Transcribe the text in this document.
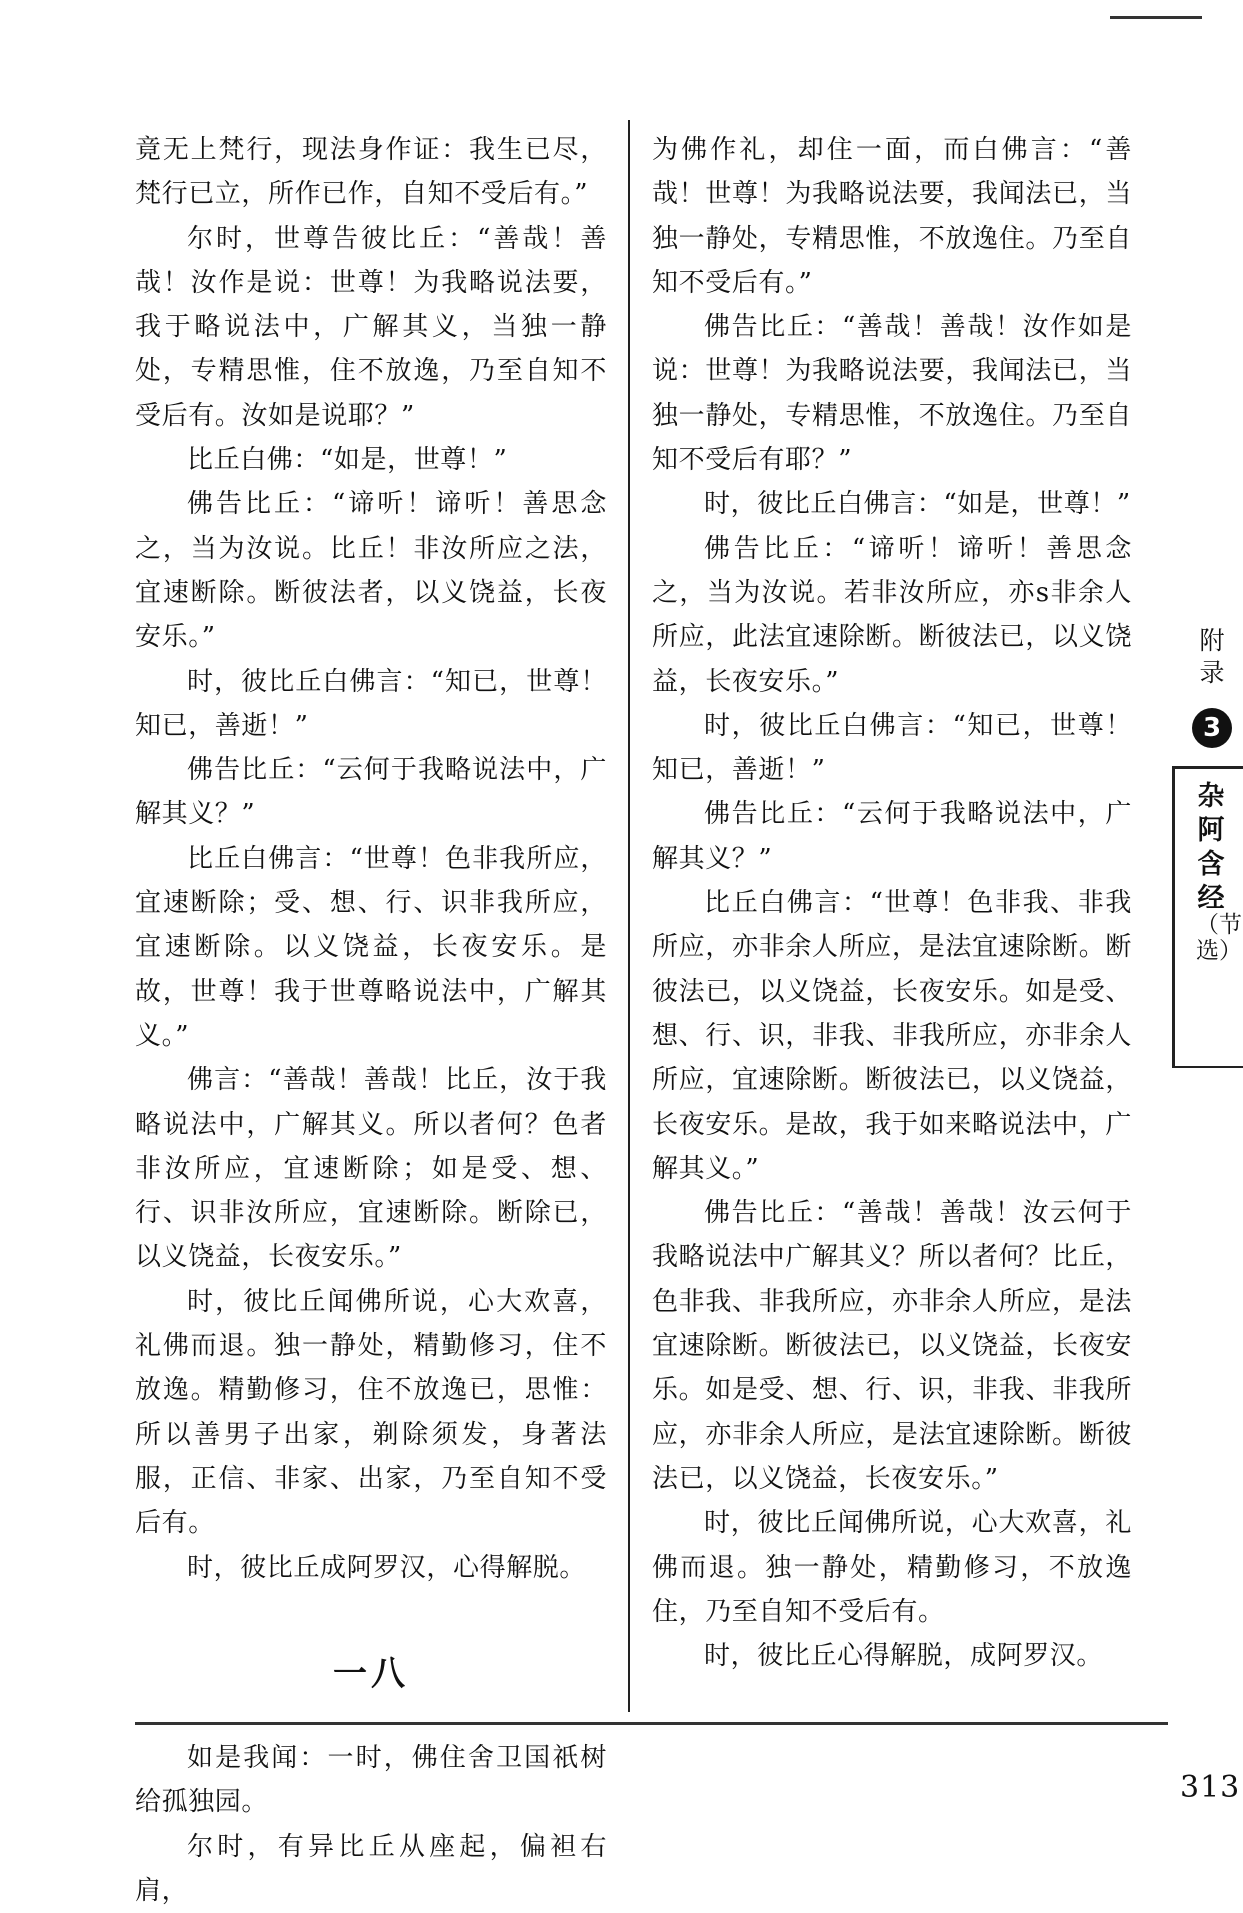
竟无上梵行，现法身作证：我生已尽，梵行已立，所作已作，自知不受后有。”

尔时，世尊告彼比丘：“善哉！善哉！汝作是说：世尊！为我略说法要，我于略说法中，广解其义，当独一静处，专精思惟，住不放逸，乃至自知不受后有。汝如是说耶？”

比丘白佛：“如是，世尊！”

佛告比丘：“谛听！谛听！善思念之，当为汝说。比丘！非汝所应之法，宜速断除。断彼法者，以义饶益，长夜安乐。”

时，彼比丘白佛言：“知已，世尊！知已，善逝！”

佛告比丘：“云何于我略说法中，广解其义？”

比丘白佛言：“世尊！色非我所应，宜速断除；受、想、行、识非我所应，宜速断除。以义饶益，长夜安乐。是故，世尊！我于世尊略说法中，广解其义。”

佛言：“善哉！善哉！比丘，汝于我略说法中，广解其义。所以者何？色者非汝所应，宜速断除；如是受、想、行、识非汝所应，宜速断除。断除已，以义饶益，长夜安乐。”

时，彼比丘闻佛所说，心大欢喜，礼佛而退。独一静处，精勤修习，住不放逸。精勤修习，住不放逸已，思惟：所以善男子出家，剃除须发，身著法服，正信、非家、出家，乃至自知不受后有。

时，彼比丘成阿罗汉，心得解脱。

一八

如是我闻：一时，佛住舍卫国祇树给孤独园。

尔时，有异比丘从座起，偏袒右肩，

为佛作礼，却住一面，而白佛言：“善哉！世尊！为我略说法要，我闻法已，当独一静处，专精思惟，不放逸住。乃至自知不受后有。”

佛告比丘：“善哉！善哉！汝作如是说：世尊！为我略说法要，我闻法已，当独一静处，专精思惟，不放逸住。乃至自知不受后有耶？”

时，彼比丘白佛言：“如是，世尊！”

佛告比丘：“谛听！谛听！善思念之，当为汝说。若非汝所应，亦s非余人所应，此法宜速除断。断彼法已，以义饶益，长夜安乐。”

时，彼比丘白佛言：“知已，世尊！知已，善逝！”

佛告比丘：“云何于我略说法中，广解其义？”

比丘白佛言：“世尊！色非我、非我所应，亦非余人所应，是法宜速除断。断彼法已，以义饶益，长夜安乐。如是受、想、行、识，非我、非我所应，亦非余人所应，宜速除断。断彼法已，以义饶益，长夜安乐。是故，我于如来略说法中，广解其义。”

佛告比丘：“善哉！善哉！汝云何于我略说法中广解其义？所以者何？比丘，色非我、非我所应，亦非余人所应，是法宜速除断。断彼法已，以义饶益，长夜安乐。如是受、想、行、识，非我、非我所应，亦非余人所应，是法宜速除断。断彼法已，以义饶益，长夜安乐。”

时，彼比丘闻佛所说，心大欢喜，礼佛而退。独一静处，精勤修习，不放逸住，乃至自知不受后有。

时，彼比丘心得解脱，成阿罗汉。

附录
3
杂阿含经
（节选）
313
